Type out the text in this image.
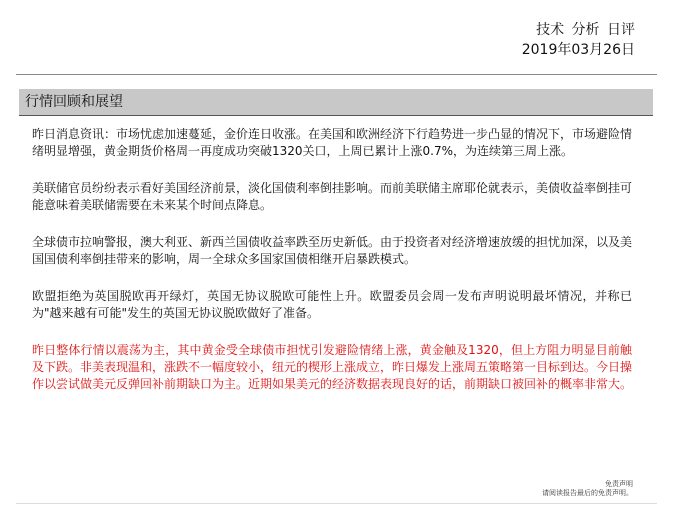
技术 分析 日评
2019年03月26日
行情回顾和展望

昨日消息资讯：市场忧虑加速蔓延，金价连日收涨。在美国和欧洲经济下行趋势进一步凸显的情况下，市场避险情绪明显增强，黄金期货价格周一再度成功突破1320关口，上周已累计上涨0.7%，为连续第三周上涨。

美联储官员纷纷表示看好美国经济前景，淡化国债利率倒挂影响。而前美联储主席耶伦就表示，美债收益率倒挂可能意味着美联储需要在未来某个时间点降息。

全球债市拉响警报，澳大利亚、新西兰国债收益率跌至历史新低。由于投资者对经济增速放缓的担忧加深，以及美国国债利率倒挂带来的影响，周一全球众多国家国债相继开启暴跌模式。

欧盟拒绝为英国脱欧再开绿灯，英国无协议脱欧可能性上升。欧盟委员会周一发布声明说明最坏情况，并称已为"越来越有可能"发生的英国无协议脱欧做好了准备。

昨日整体行情以震荡为主，其中黄金受全球债市担忧引发避险情绪上涨，黄金触及1320，但上方阻力明显目前触及下跌。非美表现温和，涨跌不一幅度较小，纽元的楔形上涨成立，昨日爆发上涨周五策略第一目标到达。今日操作以尝试做美元反弹回补前期缺口为主。近期如果美元的经济数据表现良好的话，前期缺口被回补的概率非常大。

免责声明
请阅读报告最后的免责声明。
